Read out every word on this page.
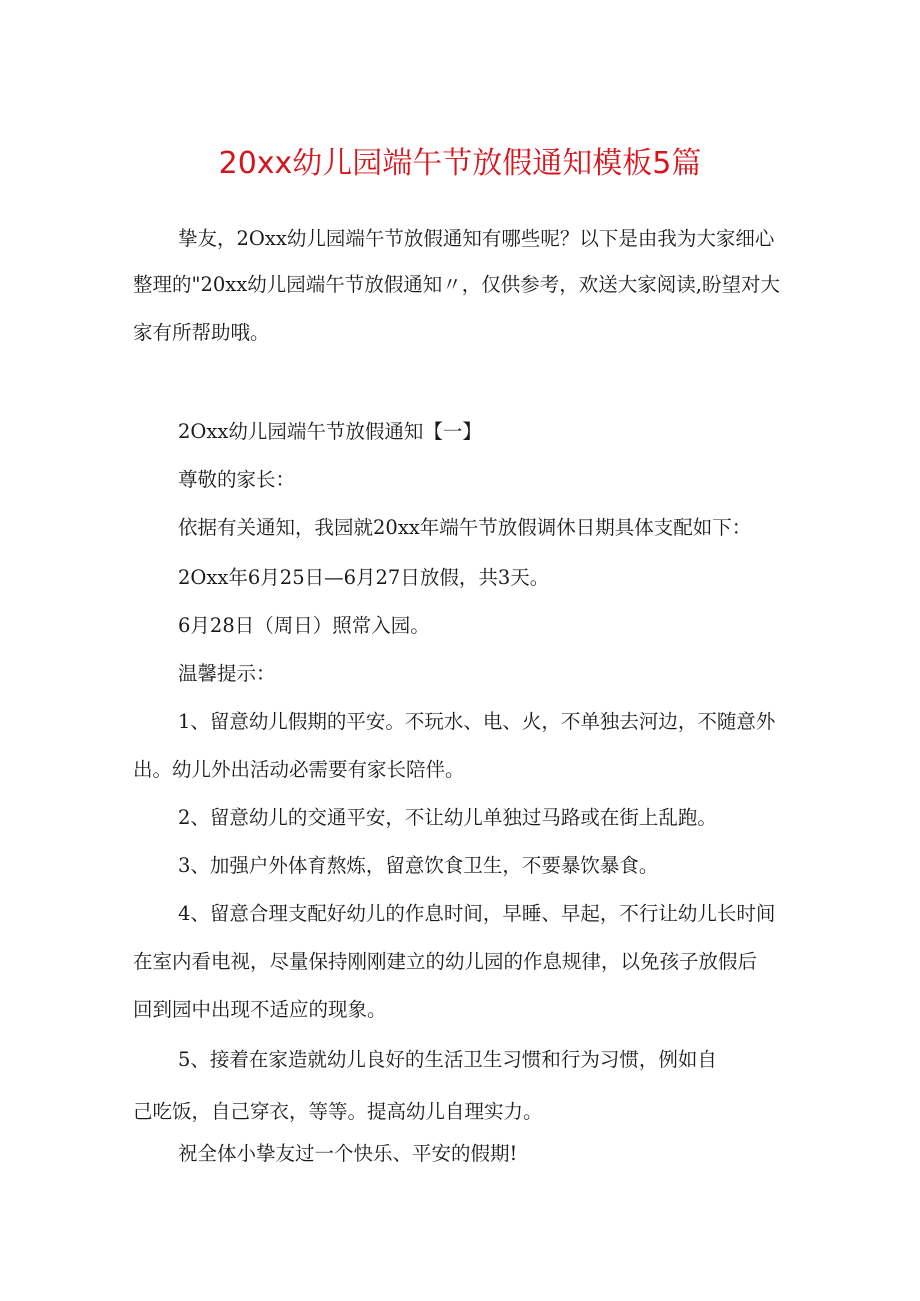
20xx幼儿园端午节放假通知模板5篇

挚友，2Oxx幼儿园端午节放假通知有哪些呢？以下是由我为大家细心

整理的"20xx幼儿园端午节放假通知〃，仅供参考，欢送大家阅读,盼望对大

家有所帮助哦。

2Oxx幼儿园端午节放假通知【一】

尊敬的家长：

依据有关通知，我园就20xx年端午节放假调休日期具体支配如下：

2Oxx年6月25日—6月27日放假，共3天。

6月28日（周日）照常入园。

温馨提示：

1、留意幼儿假期的平安。不玩水、电、火，不单独去河边，不随意外

出。幼儿外出活动必需要有家长陪伴。

2、留意幼儿的交通平安，不让幼儿单独过马路或在街上乱跑。

3、加强户外体育熬炼，留意饮食卫生，不要暴饮暴食。

4、留意合理支配好幼儿的作息时间，早睡、早起，不行让幼儿长时间

在室内看电视，尽量保持刚刚建立的幼儿园的作息规律，以免孩子放假后

回到园中出现不适应的现象。

5、接着在家造就幼儿良好的生活卫生习惯和行为习惯，例如自

己吃饭，自己穿衣，等等。提高幼儿自理实力。

祝全体小挚友过一个快乐、平安的假期!
